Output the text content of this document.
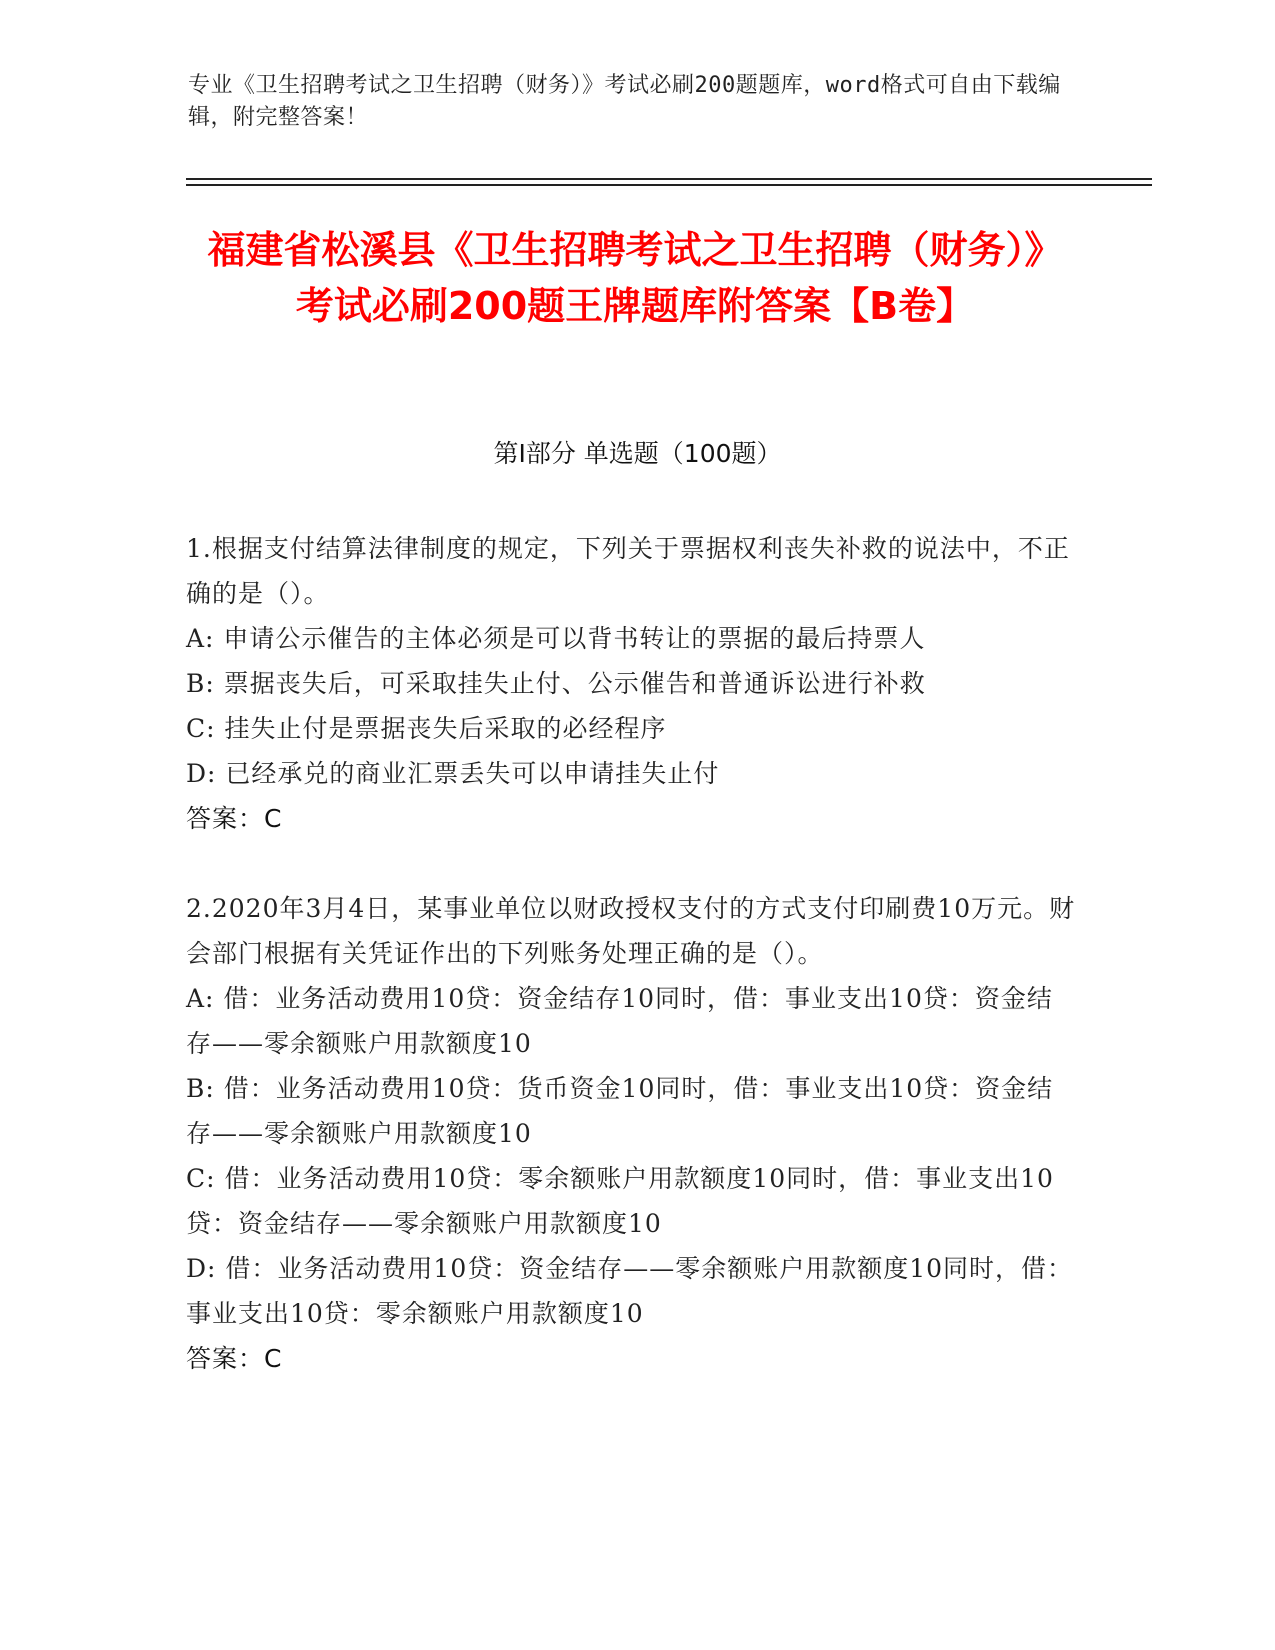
专业《卫生招聘考试之卫生招聘（财务）》考试必刷200题题库，word格式可自由下载编辑，附完整答案！
福建省松溪县《卫生招聘考试之卫生招聘（财务）》考试必刷200题王牌题库附答案【B卷】
第Ⅰ部分 单选题（100题）

1.根据支付结算法律制度的规定，下列关于票据权利丧失补救的说法中，不正确的是（）。

A: 申请公示催告的主体必须是可以背书转让的票据的最后持票人

B: 票据丧失后，可采取挂失止付、公示催告和普通诉讼进行补救

C: 挂失止付是票据丧失后采取的必经程序

D: 已经承兑的商业汇票丢失可以申请挂失止付

答案：C

2.2020年3月4日，某事业单位以财政授权支付的方式支付印刷费10万元。财会部门根据有关凭证作出的下列账务处理正确的是（）。

A: 借：业务活动费用10贷：资金结存10同时，借：事业支出10贷：资金结存——零余额账户用款额度10

B: 借：业务活动费用10贷：货币资金10同时，借：事业支出10贷：资金结存——零余额账户用款额度10

C: 借：业务活动费用10贷：零余额账户用款额度10同时，借：事业支出10贷：资金结存——零余额账户用款额度10

D: 借：业务活动费用10贷：资金结存——零余额账户用款额度10同时，借：事业支出10贷：零余额账户用款额度10

答案：C
